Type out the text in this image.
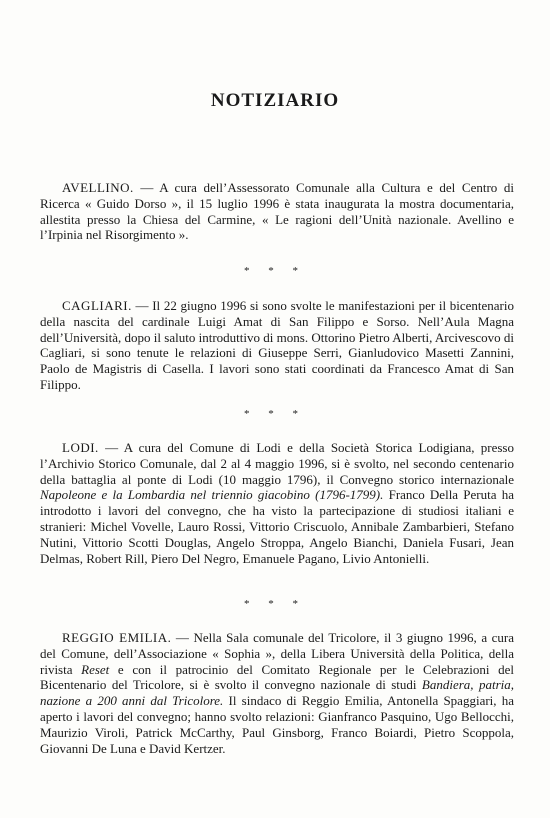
NOTIZIARIO

AVELLINO. — A cura dell’Assessorato Comunale alla Cultura e del Centro di Ricerca « Guido Dorso », il 15 luglio 1996 è stata inaugurata la mostra documentaria, allestita presso la Chiesa del Carmine, « Le ragioni dell’Unità nazionale. Avellino e l’Irpinia nel Risorgimento ».

* * *

CAGLIARI. — Il 22 giugno 1996 si sono svolte le manifestazioni per il bicentenario della nascita del cardinale Luigi Amat di San Filippo e Sorso. Nell’Aula Magna dell’Università, dopo il saluto introduttivo di mons. Ottorino Pietro Alberti, Arcivescovo di Cagliari, si sono tenute le relazioni di Giuseppe Serri, Gianludovico Masetti Zannini, Paolo de Magistris di Casella. I lavori sono stati coordinati da Francesco Amat di San Filippo.

* * *

LODI. — A cura del Comune di Lodi e della Società Storica Lodigiana, presso l’Archivio Storico Comunale, dal 2 al 4 maggio 1996, si è svolto, nel secondo centenario della battaglia al ponte di Lodi (10 maggio 1796), il Convegno storico internazionale Napoleone e la Lombardia nel triennio giacobino (1796-1799). Franco Della Peruta ha introdotto i lavori del convegno, che ha visto la partecipazione di studiosi italiani e stranieri: Michel Vovelle, Lauro Rossi, Vittorio Criscuolo, Annibale Zambarbieri, Stefano Nutini, Vittorio Scotti Douglas, Angelo Stroppa, Angelo Bianchi, Daniela Fusari, Jean Delmas, Robert Rill, Piero Del Negro, Emanuele Pagano, Livio Antonielli.

* * *

REGGIO EMILIA. — Nella Sala comunale del Tricolore, il 3 giugno 1996, a cura del Comune, dell’Associazione « Sophia », della Libera Università della Politica, della rivista Reset e con il patrocinio del Comitato Regionale per le Celebrazioni del Bicentenario del Tricolore, si è svolto il convegno nazionale di studi Bandiera, patria, nazione a 200 anni dal Tricolore. Il sindaco di Reggio Emilia, Antonella Spaggiari, ha aperto i lavori del convegno; hanno svolto relazioni: Gianfranco Pasquino, Ugo Bellocchi, Maurizio Viroli, Patrick McCarthy, Paul Ginsborg, Franco Boiardi, Pietro Scoppola, Giovanni De Luna e David Kertzer.
